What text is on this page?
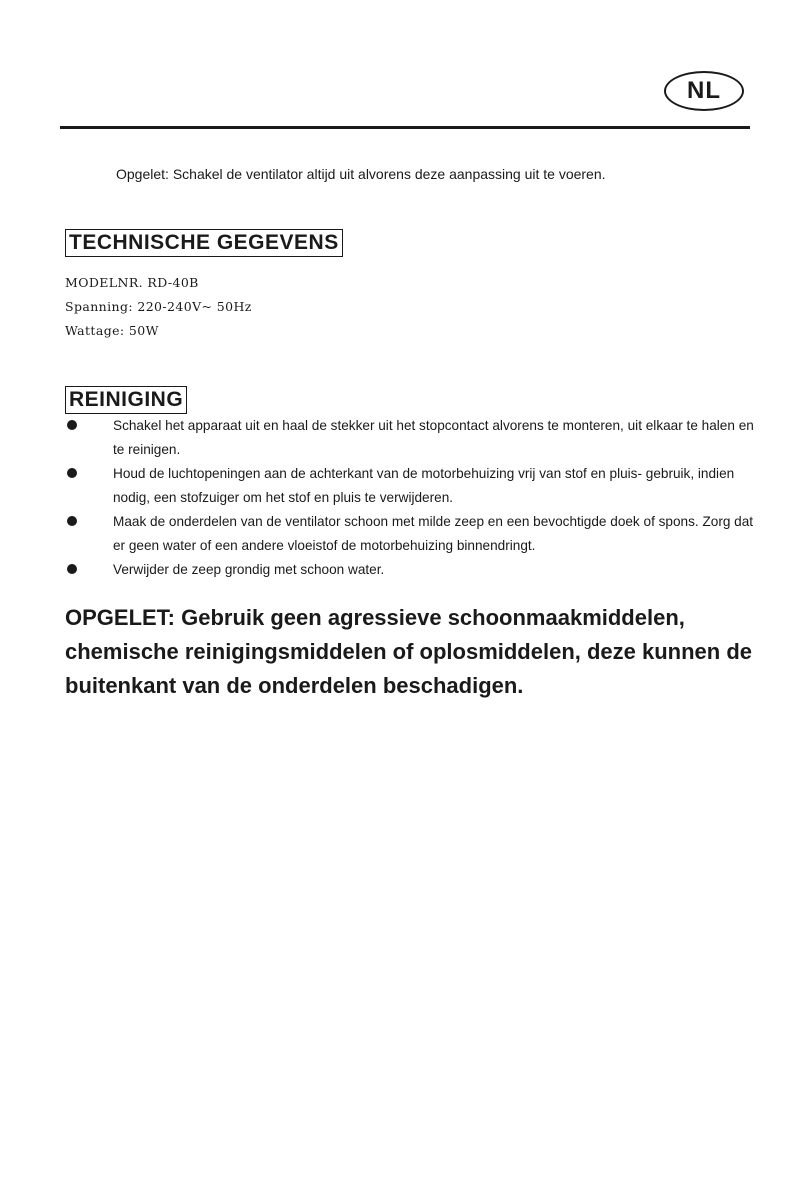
NL

Opgelet: Schakel de ventilator altijd uit alvorens deze aanpassing uit te voeren.

TECHNISCHE GEGEVENS
MODELNR. RD-40B
Spanning: 220-240V~ 50Hz
Wattage: 50W
REINIGING
Schakel het apparaat uit en haal de stekker uit het stopcontact alvorens te monteren, uit elkaar te halen en te reinigen.
Houd de luchtopeningen aan de achterkant van de motorbehuizing vrij van stof en pluis- gebruik, indien nodig, een stofzuiger om het stof en pluis te verwijderen.
Maak de onderdelen van de ventilator schoon met milde zeep en een bevochtigde doek of spons. Zorg dat er geen water of een andere vloeistof de motorbehuizing binnendringt.
Verwijder de zeep grondig met schoon water.

OPGELET: Gebruik geen agressieve schoonmaakmiddelen, chemische reinigingsmiddelen of oplosmiddelen, deze kunnen de buitenkant van de onderdelen beschadigen.
